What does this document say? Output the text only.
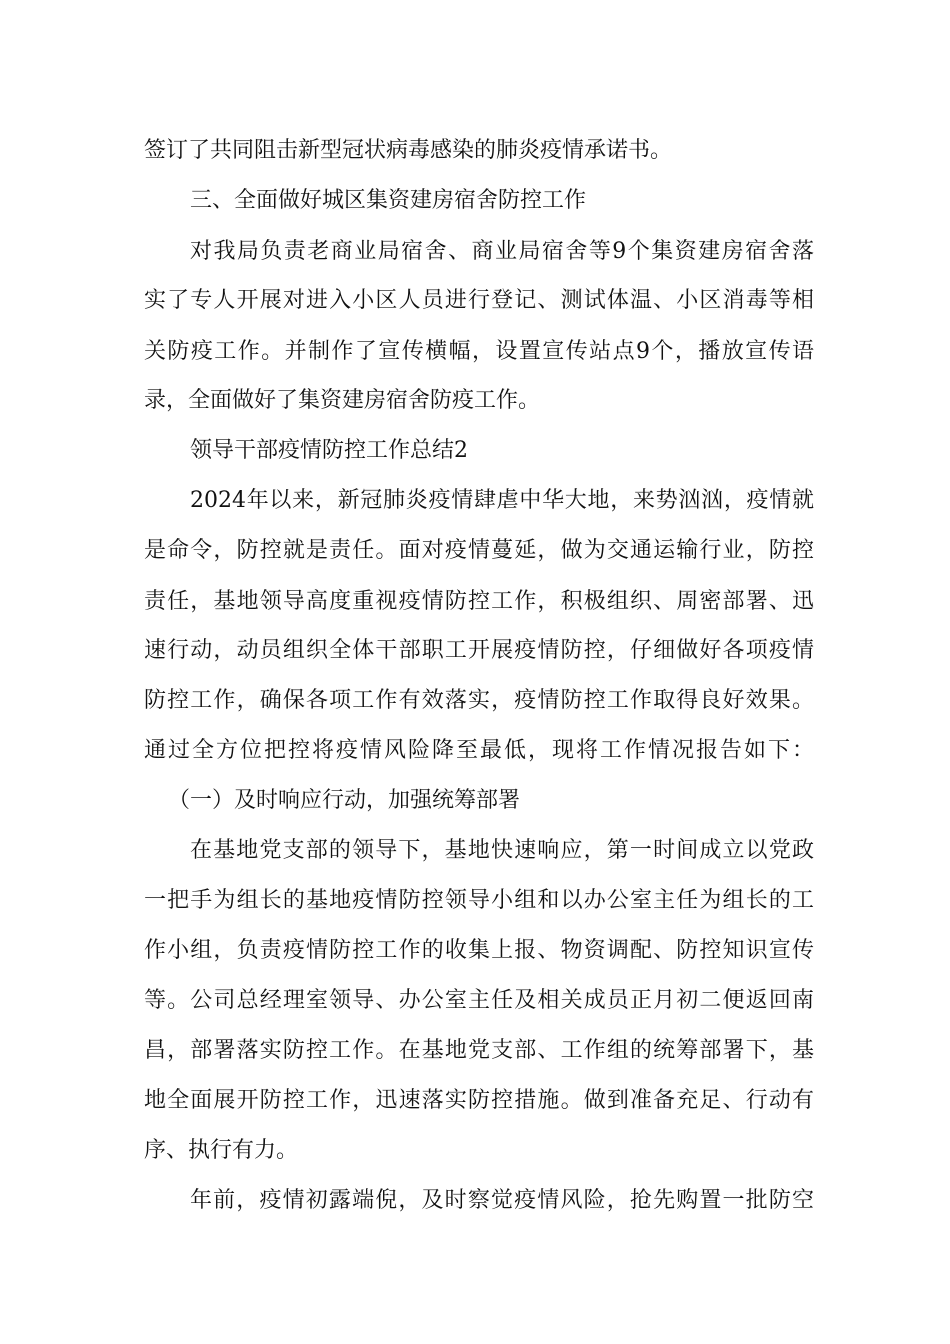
签订了共同阻击新型冠状病毒感染的肺炎疫情承诺书。
三、全面做好城区集资建房宿舍防控工作
对我局负责老商业局宿舍、商业局宿舍等9个集资建房宿舍落
实了专人开展对进入小区人员进行登记、测试体温、小区消毒等相
关防疫工作。并制作了宣传横幅，设置宣传站点9个，播放宣传语
录，全面做好了集资建房宿舍防疫工作。
领导干部疫情防控工作总结2
2024年以来，新冠肺炎疫情肆虐中华大地，来势汹汹，疫情就
是命令，防控就是责任。面对疫情蔓延，做为交通运输行业，防控
责任，基地领导高度重视疫情防控工作，积极组织、周密部署、迅
速行动，动员组织全体干部职工开展疫情防控，仔细做好各项疫情
防控工作，确保各项工作有效落实，疫情防控工作取得良好效果。
通过全方位把控将疫情风险降至最低，现将工作情况报告如下：
（一）及时响应行动，加强统筹部署
在基地党支部的领导下，基地快速响应，第一时间成立以党政
一把手为组长的基地疫情防控领导小组和以办公室主任为组长的工
作小组，负责疫情防控工作的收集上报、物资调配、防控知识宣传
等。公司总经理室领导、办公室主任及相关成员正月初二便返回南
昌，部署落实防控工作。在基地党支部、工作组的统筹部署下，基
地全面展开防控工作，迅速落实防控措施。做到准备充足、行动有
序、执行有力。
年前，疫情初露端倪，及时察觉疫情风险，抢先购置一批防空
